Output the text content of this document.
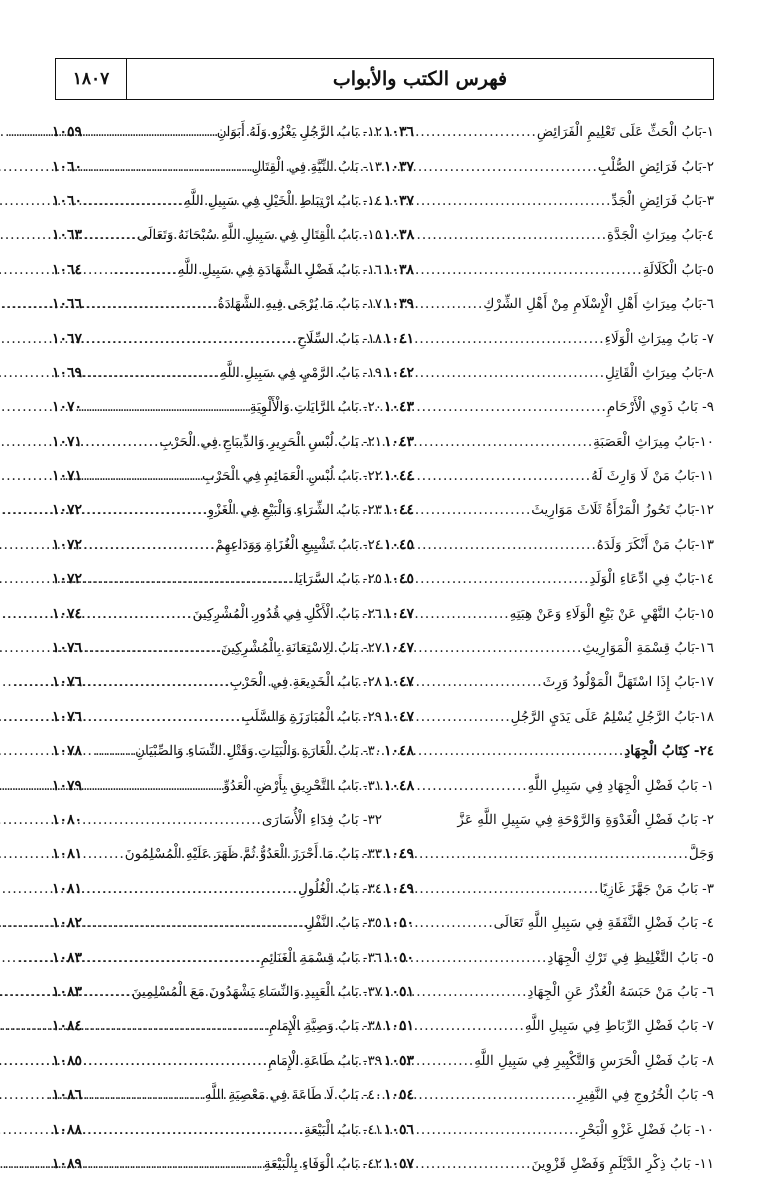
فهرس الكتب والأبواب
١٨٠٧
١-بَابُ الْحَثِّ عَلَى تَعْلِيمِ الْفَرَائِضِ
.....
١٠٣٦
٢-بَابُ فَرَائِضِ الصُّلْبِ
.....
١٠٣٧
٣-بَابُ فَرَائِضِ الْجَدِّ
.....
١٠٣٧
٤-بَابُ مِيرَاثِ الْجَدَّةِ
.....
١٠٣٨
٥-بَابُ الْكَلَالَةِ
.....
١٠٣٨
٦-بَابُ مِيرَاثِ أَهْلِ الْإِسْلَامِ مِنْ أَهْلِ الشِّرْكِ
.....
١٠٣٩
٧- بَابُ مِيرَاثِ الْوَلَاءِ
.....
١٠٤١
٨-بَابُ مِيرَاثِ الْقَاتِلِ
.....
١٠٤٢
٩- بَابُ ذَوِي الْأَرْحَامِ
.....
١٠٤٣
١٠-بَابُ مِيرَاثِ الْعَصَبَةِ
.....
١٠٤٣
١١-بَابُ مَنْ لَا وَارِثَ لَهُ
.....
١٠٤٤
١٢-بَابُ تَحُوزُ الْمَرْأَةُ ثَلَاثَ مَوَارِيثَ
.....
١٠٤٤
١٣-بَابُ مَنْ أَنْكَرَ وَلَدَهُ
.....
١٠٤٥
١٤-بَابٌ فِي ادِّعَاءِ الْوَلَدِ
.....
١٠٤٥
١٥-بَابُ النَّهْيِ عَنْ بَيْعِ الْوَلَاءِ وَعَنْ هِبَتِهِ
.....
١٠٤٧
١٦-بَابُ قِسْمَةِ الْمَوَارِيثِ
.....
١٠٤٧
١٧-بَابُ إِذَا اسْتَهَلَّ الْمَوْلُودُ وَرِثَ
.....
١٠٤٧
١٨-بَابُ الرَّجُلِ يُسْلِمُ عَلَى يَدَيِ الرَّجُلِ
.....
١٠٤٧
٢٤- كِتَابُ الْجِهَادِ
.....
١٠٤٨
١- بَابُ فَضْلِ الْجِهَادِ فِي سَبِيلِ اللَّهِ
.....
١٠٤٨
٢- بَابُ فَضْلِ الْغَدْوَةِ وَالرَّوْحَةِ فِي سَبِيلِ اللَّهِ عَزَّ
وَجَلَّ
.....
١٠٤٩
٣- بَابُ مَنْ جَهَّزَ غَازِيًا
.....
١٠٤٩
٤- بَابُ فَضْلِ النَّفَقَةِ فِي سَبِيلِ اللَّهِ تَعَالَى
.....
١٠٥٠
٥- بَابُ التَّغْلِيظِ فِي تَرْكِ الْجِهَادِ
.....
١٠٥٠
٦- بَابُ مَنْ حَبَسَهُ الْعُذْرُ عَنِ الْجِهَادِ
.....
١٠٥١
٧- بَابُ فَضْلِ الرِّبَاطِ فِي سَبِيلِ اللَّهِ
.....
١٠٥١
٨- بَابُ فَضْلِ الْحَرَسِ وَالتَّكْبِيرِ فِي سَبِيلِ اللَّهِ
.....
١٠٥٣
٩- بَابُ الْخُرُوجِ فِي النَّفِيرِ
.....
١٠٥٤
١٠- بَابُ فَضْلِ غَزْوِ الْبَحْرِ
.....
١٠٥٦
١١- بَابُ ذِكْرِ الدَّيْلَمِ وَفَضْلِ قَزْوِينَ
.....
١٠٥٧
١٢- بَابُ الرَّجُلِ يَغْزُو وَلَهُ أَبَوَانِ
.....
١٠٥٩
١٣- بَابُ النِّيَّةِ فِي الْقِتَالِ
.....
١٠٦٠
١٤- بَابُ ارْتِبَاطِ الْخَيْلِ فِي سَبِيلِ اللَّهِ
.....
١٠٦٠
١٥- بَابُ الْقِتَالِ فِي سَبِيلِ اللَّهِ سُبْحَانَهُ وَتَعَالَى
.....
١٠٦٣
١٦- بَابُ فَضْلِ الشَّهَادَةِ فِي سَبِيلِ اللَّهِ
.....
١٠٦٤
١٧- بَابُ مَا يُرْجَى فِيهِ الشَّهَادَةُ
.....
١٠٦٦
١٨- بَابُ السِّلَاحِ
.....
١٠٦٧
١٩- بَابُ الرَّمْيِ فِي سَبِيلِ اللَّهِ
.....
١٠٦٩
٢٠- بَابُ الرَّايَاتِ وَالْأَلْوِيَةِ
.....
١٠٧٠
٢١- بَابُ لُبْسِ الْحَرِيرِ وَالدِّيبَاجِ فِي الْحَرْبِ
.....
١٠٧١
٢٢- بَابُ لُبْسِ الْعَمَائِمِ فِي الْحَرْبِ
.....
١٠٧١
٢٣- بَابُ الشِّرَاءِ وَالْبَيْعِ فِي الْغَزْوِ
.....
١٠٧٢
٢٤- بَابُ تَشْيِيعِ الْغُزَاةِ وَوَدَاعِهِمْ
.....
١٠٧٢
٢٥- بَابُ السَّرَايَا
.....
١٠٧٢
٢٦- بَابُ الْأَكْلِ فِي قُدُورِ الْمُشْرِكِينَ
.....
١٠٧٤
٢٧- بَابُ الِاسْتِعَانَةِ بِالْمُشْرِكِينَ
.....
١٠٧٦
٢٨- بَابُ الْخَدِيعَةِ فِي الْحَرْبِ
.....
١٠٧٦
٢٩- بَابُ الْمُبَارَزَةِ وَالسَّلَبِ
.....
١٠٧٦
٣٠- بَابُ الْغَارَةِ وَالْبَيَاتِ وَقَتْلِ النِّسَاءِ وَالصِّبْيَانِ
.....
١٠٧٨
٣١- بَابُ التَّحْرِيقِ بِأَرْضِ الْعَدُوِّ
.....
١٠٧٩
٣٢- بَابُ فِدَاءِ الْأُسَارَى
.....
١٠٨٠
٣٣- بَابُ مَا أَحْرَزَ الْعَدُوُّ ثُمَّ ظَهَرَ عَلَيْهِ الْمُسْلِمُونَ
.....
١٠٨١
٣٤- بَابُ الْغُلُولِ
.....
١٠٨١
٣٥- بَابُ النَّفْلِ
.....
١٠٨٢
٣٦- بَابُ قِسْمَةِ الْغَنَائِمِ
.....
١٠٨٣
٣٧- بَابُ الْعَبِيدِ وَالنِّسَاءِ يَشْهَدُونَ مَعَ الْمُسْلِمِينَ
.....
١٠٨٣
٣٨- بَابُ وَصِيَّةِ الْإِمَامِ
.....
١٠٨٤
٣٩- بَابُ طَاعَةِ الْإِمَامِ
.....
١٠٨٥
٤٠- بَابُ لَا طَاعَةَ فِي مَعْصِيَةِ اللَّهِ
.....
١٠٨٦
٤١- بَابُ الْبَيْعَةِ
.....
١٠٨٨
٤٢- بَابُ الْوَفَاءِ بِالْبَيْعَةِ
.....
١٠٨٩
